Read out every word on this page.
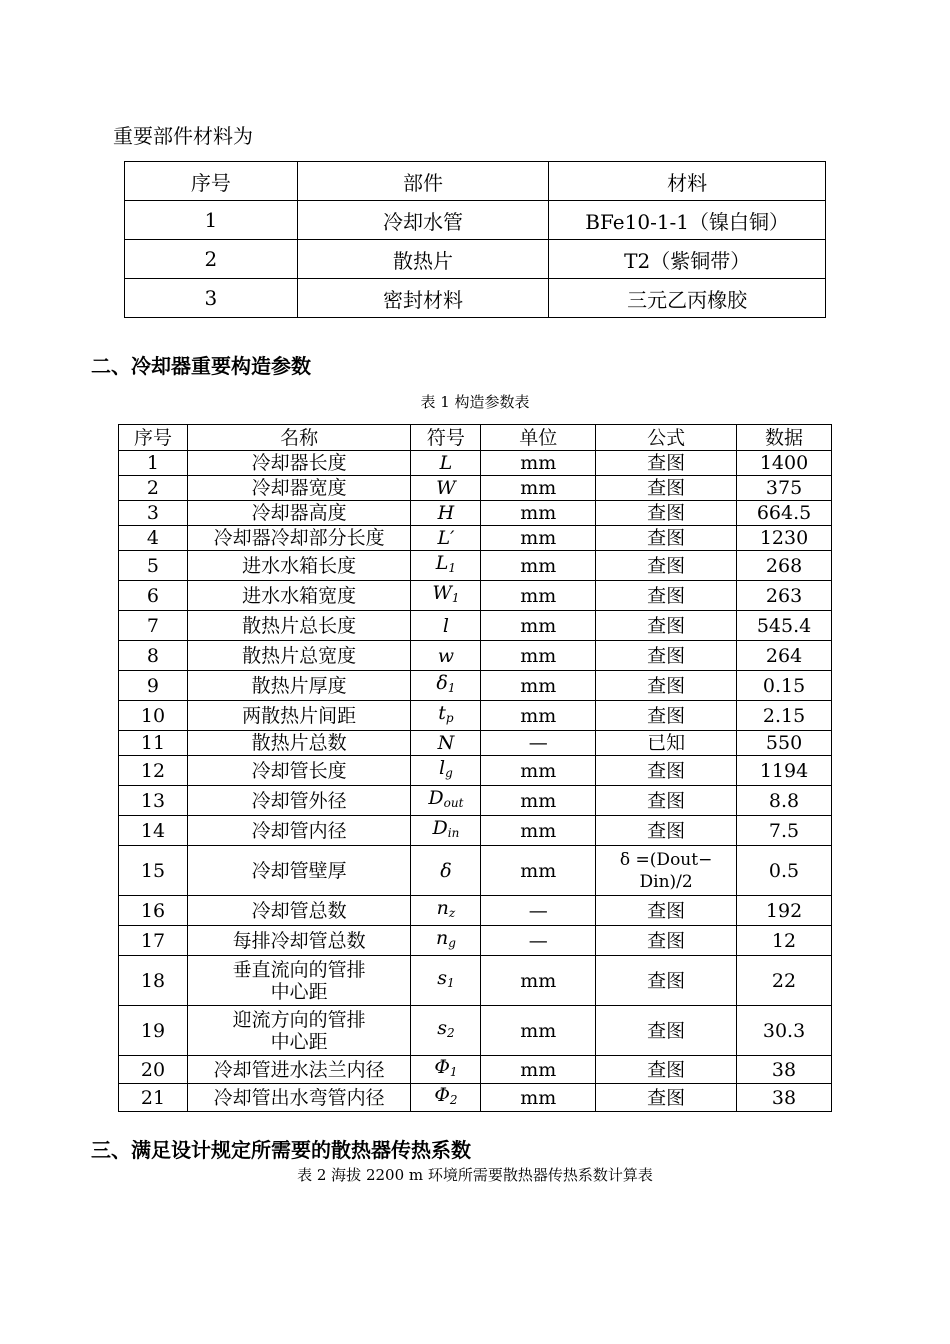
重要部件材料为
序号	部件	材料
1	冷却水管	BFe10-1-1（镍白铜）
2	散热片	T2（紫铜带）
3	密封材料	三元乙丙橡胶
二、冷却器重要构造参数
表 1 构造参数表
序号	名称	符号	单位	公式	数据
1	冷却器长度	L	mm	查图	1400
2	冷却器宽度	W	mm	查图	375
3	冷却器高度	H	mm	查图	664.5
4	冷却器冷却部分长度	L′	mm	查图	1230
5	进水水箱长度	$L_1$	mm	查图	268
6	进水水箱宽度	$W_1$	mm	查图	263
7	散热片总长度	l	mm	查图	545.4
8	散热片总宽度	w	mm	查图	264
9	散热片厚度	$\delta_1$	mm	查图	0.15
10	两散热片间距	$t_p$	mm	查图	2.15
11	散热片总数	N	—	已知	550
12	冷却管长度	$l_g$	mm	查图	1194
13	冷却管外径	$D_{out}$	mm	查图	8.8
14	冷却管内径	$D_{in}$	mm	查图	7.5
15	冷却管壁厚	δ	mm	δ =(Dout−
Din)/2	0.5
16	冷却管总数	$n_z$	—	查图	192
17	每排冷却管总数	$n_g$	—	查图	12
18	垂直流向的管排
中心距	$s_1$	mm	查图	22
19	迎流方向的管排
中心距	$s_2$	mm	查图	30.3
20	冷却管进水法兰内径	$\Phi_1$	mm	查图	38
21	冷却管出水弯管内径	$\Phi_2$	mm	查图	38
三、满足设计规定所需要的散热器传热系数
表 2 海拔 2200 m 环境所需要散热器传热系数计算表
